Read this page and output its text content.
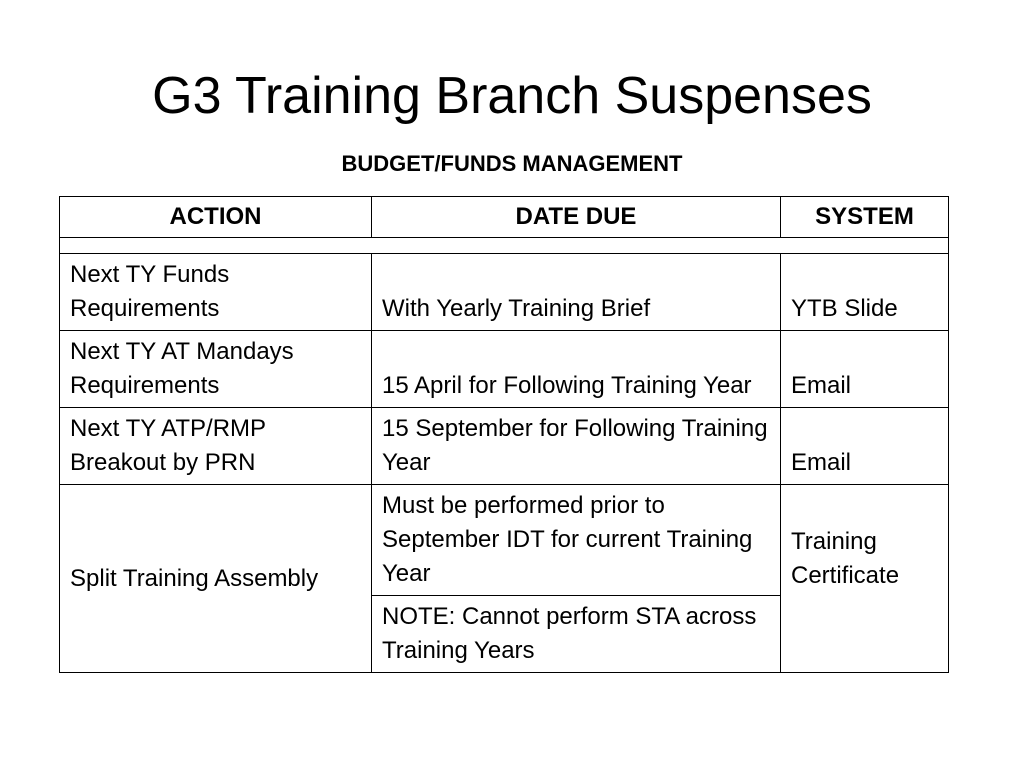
G3 Training Branch Suspenses
BUDGET/FUNDS MANAGEMENT
ACTION	DATE DUE	SYSTEM

Next TY Funds Requirements	With Yearly Training Brief	YTB Slide
Next TY AT Mandays Requirements	15 April for Following Training Year	Email
Next TY ATP/RMP Breakout by PRN	15 September for Following Training Year	Email
Split Training Assembly	Must be performed prior to September IDT for current Training Year	Training Certificate
	NOTE: Cannot perform STA across Training Years	
